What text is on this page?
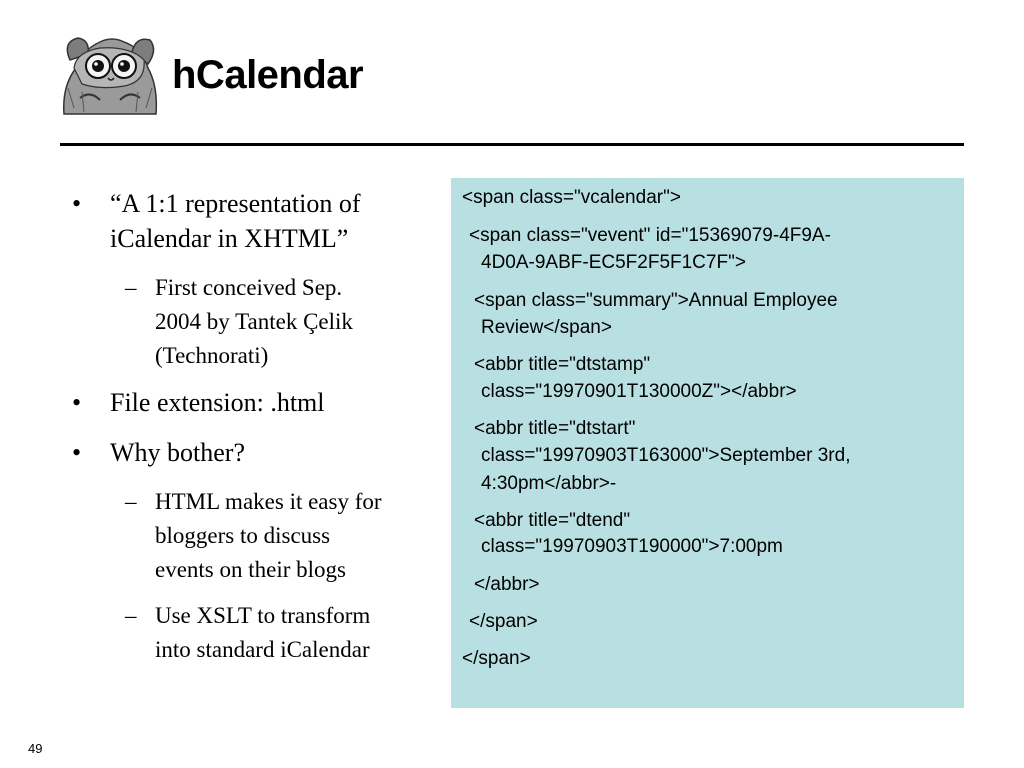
hCalendar
• “A 1:1 representation of
iCalendar in XHTML”
– First conceived Sep.
2004 by Tantek Çelik
(Technorati)
• File extension: .html
• Why bother?
– HTML makes it easy for
bloggers to discuss
events on their blogs
– Use XSLT to transform
into standard iCalendar
<span class="vcalendar">
<span class="vevent" id="15369079-4F9A-
4D0A-9ABF-EC5F2F5F1C7F">
<span class="summary">Annual Employee
Review</span>
<abbr title="dtstamp"
class="19970901T130000Z"></abbr>
<abbr title="dtstart"
class="19970903T163000">September 3rd,
4:30pm</abbr>-
<abbr title="dtend"
class="19970903T190000">7:00pm
</abbr>
</span>
</span>
49
